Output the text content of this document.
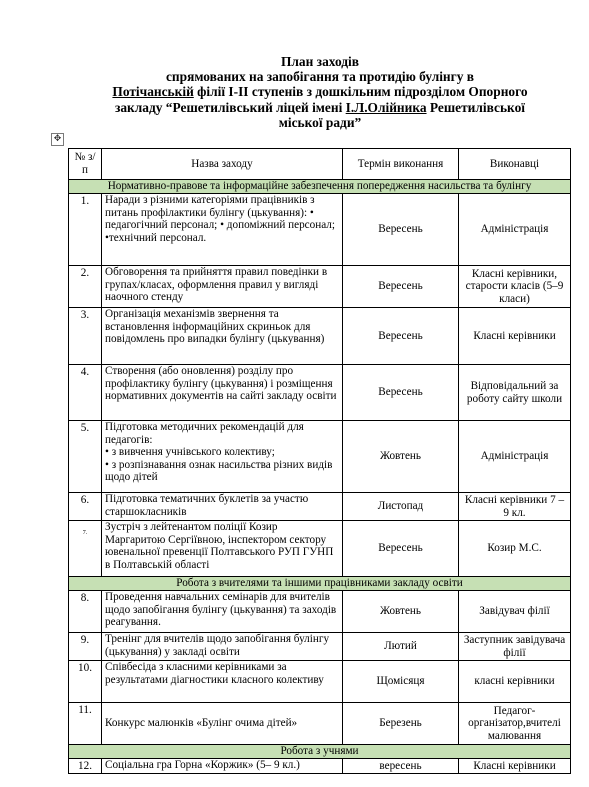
План заходів
спрямованих на запобігання та протидію булінгу в
Потічанській філії І-ІІ ступенів з дошкільним підрозділом Опорного
закладу “Решетилівський ліцей імені І.Л.Олійника Решетилівської
міської ради”
✥
№ з/п	Назва заходу	Термін виконання	Виконавці
Нормативно-правове та інформаційне забезпечення попередження насильства та булінгу			
1.	Наради з різними категоріями працівників з питань профілактики булінгу (цькування): • педагогічний персонал; • допоміжний персонал; •технічний персонал.	Вересень	Адміністрація
2.	Обговорення та прийняття правил поведінки в групах/класах, оформлення правил у вигляді наочного стенду	Вересень	Класні керівники, старости класів (5–9 класи)
3.	Організація механізмів звернення та встановлення інформаційних скриньок для повідомлень про випадки булінгу (цькування)	Вересень	Класні керівники
4.	Створення (або оновлення) розділу про профілактику булінгу (цькування) і розміщення нормативних документів на сайті закладу освіти	Вересень	Відповідальний за роботу сайту школи
5.	Підготовка методичних рекомендацій для педагогів:
• з вивчення учнівського колективу;
• з розпізнавання ознак насильства різних видів щодо дітей	Жовтень	Адміністрація
6.	Підготовка тематичних буклетів за участю старшокласників	Листопад	Класні керівники 7 – 9 кл.
7.	Зустріч з лейтенантом поліції Козир Маргаритою Сергіївною, інспектором сектору ювенальної превенції Полтавського РУП ГУНП в Полтавській області	Вересень	Козир М.С.
Робота з вчителями та іншими працівниками закладу освіти			
8.	Проведення навчальних семінарів для вчителів щодо запобігання булінгу (цькування) та заходів реагування.	Жовтень	Завідувач філії
9.	Тренінг для вчителів щодо запобігання булінгу (цькування) у закладі освіти	Лютий	Заступник завідувача філії
10.	Співбесіда з класними керівниками за результатами діагностики класного колективу	Щомісяця	класні керівники
11.	Конкурс малюнків «Булінг очима дітей»	Березень	Педагог-організатор,вчителі малювання
Робота з учнями			
12.	Соціальна гра Горна «Коржик» (5– 9 кл.)	вересень	Класні керівники
